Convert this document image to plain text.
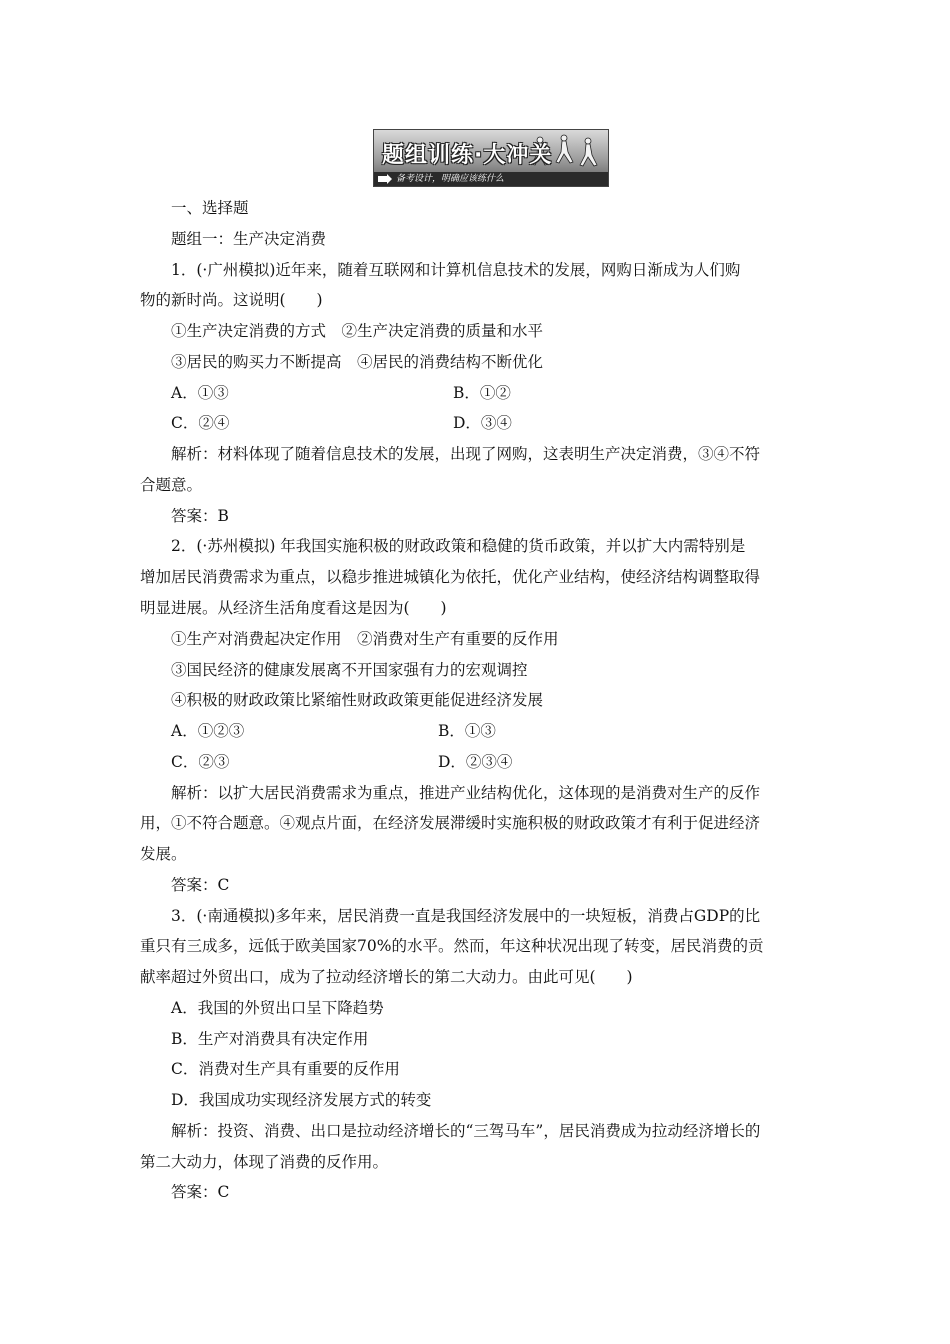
题组训练·大冲关
备考设计，明确应该练什么
一、选择题
题组一：生产决定消费
1．(·广州模拟)近年来，随着互联网和计算机信息技术的发展，网购日渐成为人们购
物的新时尚。这说明(　　)
①生产决定消费的方式　②生产决定消费的质量和水平
③居民的购买力不断提高　④居民的消费结构不断优化
A．①③	B．①②
C．②④	D．③④
解析：材料体现了随着信息技术的发展，出现了网购，这表明生产决定消费，③④不符
合题意。
答案：B
2．(·苏州模拟) 年我国实施积极的财政政策和稳健的货币政策，并以扩大内需特别是
增加居民消费需求为重点，以稳步推进城镇化为依托，优化产业结构，使经济结构调整取得
明显进展。从经济生活角度看这是因为(　　)
①生产对消费起决定作用　②消费对生产有重要的反作用
③国民经济的健康发展离不开国家强有力的宏观调控
④积极的财政政策比紧缩性财政政策更能促进经济发展
A．①②③	B．①③
C．②③	D．②③④
解析：以扩大居民消费需求为重点，推进产业结构优化，这体现的是消费对生产的反作
用，①不符合题意。④观点片面，在经济发展滞缓时实施积极的财政政策才有利于促进经济
发展。
答案：C
3．(·南通模拟)多年来，居民消费一直是我国经济发展中的一块短板，消费占GDP的比
重只有三成多，远低于欧美国家70%的水平。然而，年这种状况出现了转变，居民消费的贡
献率超过外贸出口，成为了拉动经济增长的第二大动力。由此可见(　　)
A．我国的外贸出口呈下降趋势
B．生产对消费具有决定作用
C．消费对生产具有重要的反作用
D．我国成功实现经济发展方式的转变
解析：投资、消费、出口是拉动经济增长的“三驾马车”，居民消费成为拉动经济增长的
第二大动力，体现了消费的反作用。
答案：C
